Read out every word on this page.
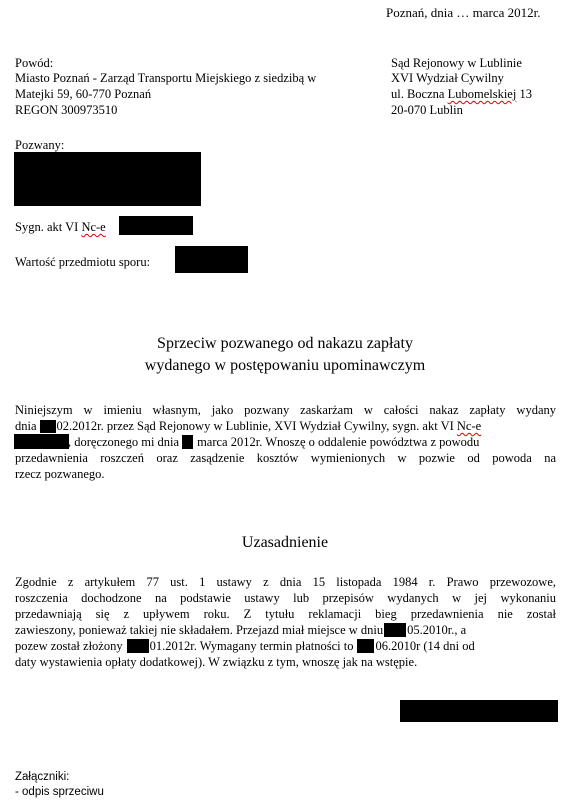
Poznań, dnia … marca 2012r.
Powód:
Miasto Poznań - Zarząd Transportu Miejskiego z siedzibą w
Matejki 59, 60-770 Poznań
REGON 300973510
Sąd Rejonowy w Lublinie
XVI Wydział Cywilny
ul. Boczna Lubomelskiej 13
20-070 Lublin
Pozwany:
Sygn. akt VI Nc-e
Wartość przedmiotu sporu:
Sprzeciw pozwanego od nakazu zapłaty
wydanego w postępowaniu upominawczym
Niniejszym w imieniu własnym, jako pozwany zaskarżam w całości nakaz zapłaty wydany
dnia 02.2012r. przez Sąd Rejonowy w Lublinie, XVI Wydział Cywilny, sygn. akt VI Nc-e
, doręczonego mi dnia marca 2012r. Wnoszę o oddalenie powództwa z powodu
przedawnienia roszczeń oraz zasądzenie kosztów wymienionych w pozwie od powoda na
rzecz pozwanego.
Uzasadnienie
Zgodnie z artykułem 77 ust. 1 ustawy z dnia 15 listopada 1984 r. Prawo przewozowe,
roszczenia dochodzone na podstawie ustawy lub przepisów wydanych w jej wykonaniu
przedawniają się z upływem roku. Z tytułu reklamacji bieg przedawnienia nie został
zawieszony, ponieważ takiej nie składałem. Przejazd miał miejsce w dniu 05.2010r., a
pozew został złożony 01.2012r. Wymagany termin płatności to 06.2010r (14 dni od
daty wystawienia opłaty dodatkowej). W związku z tym, wnoszę jak na wstępie.
Załączniki:
- odpis sprzeciwu
